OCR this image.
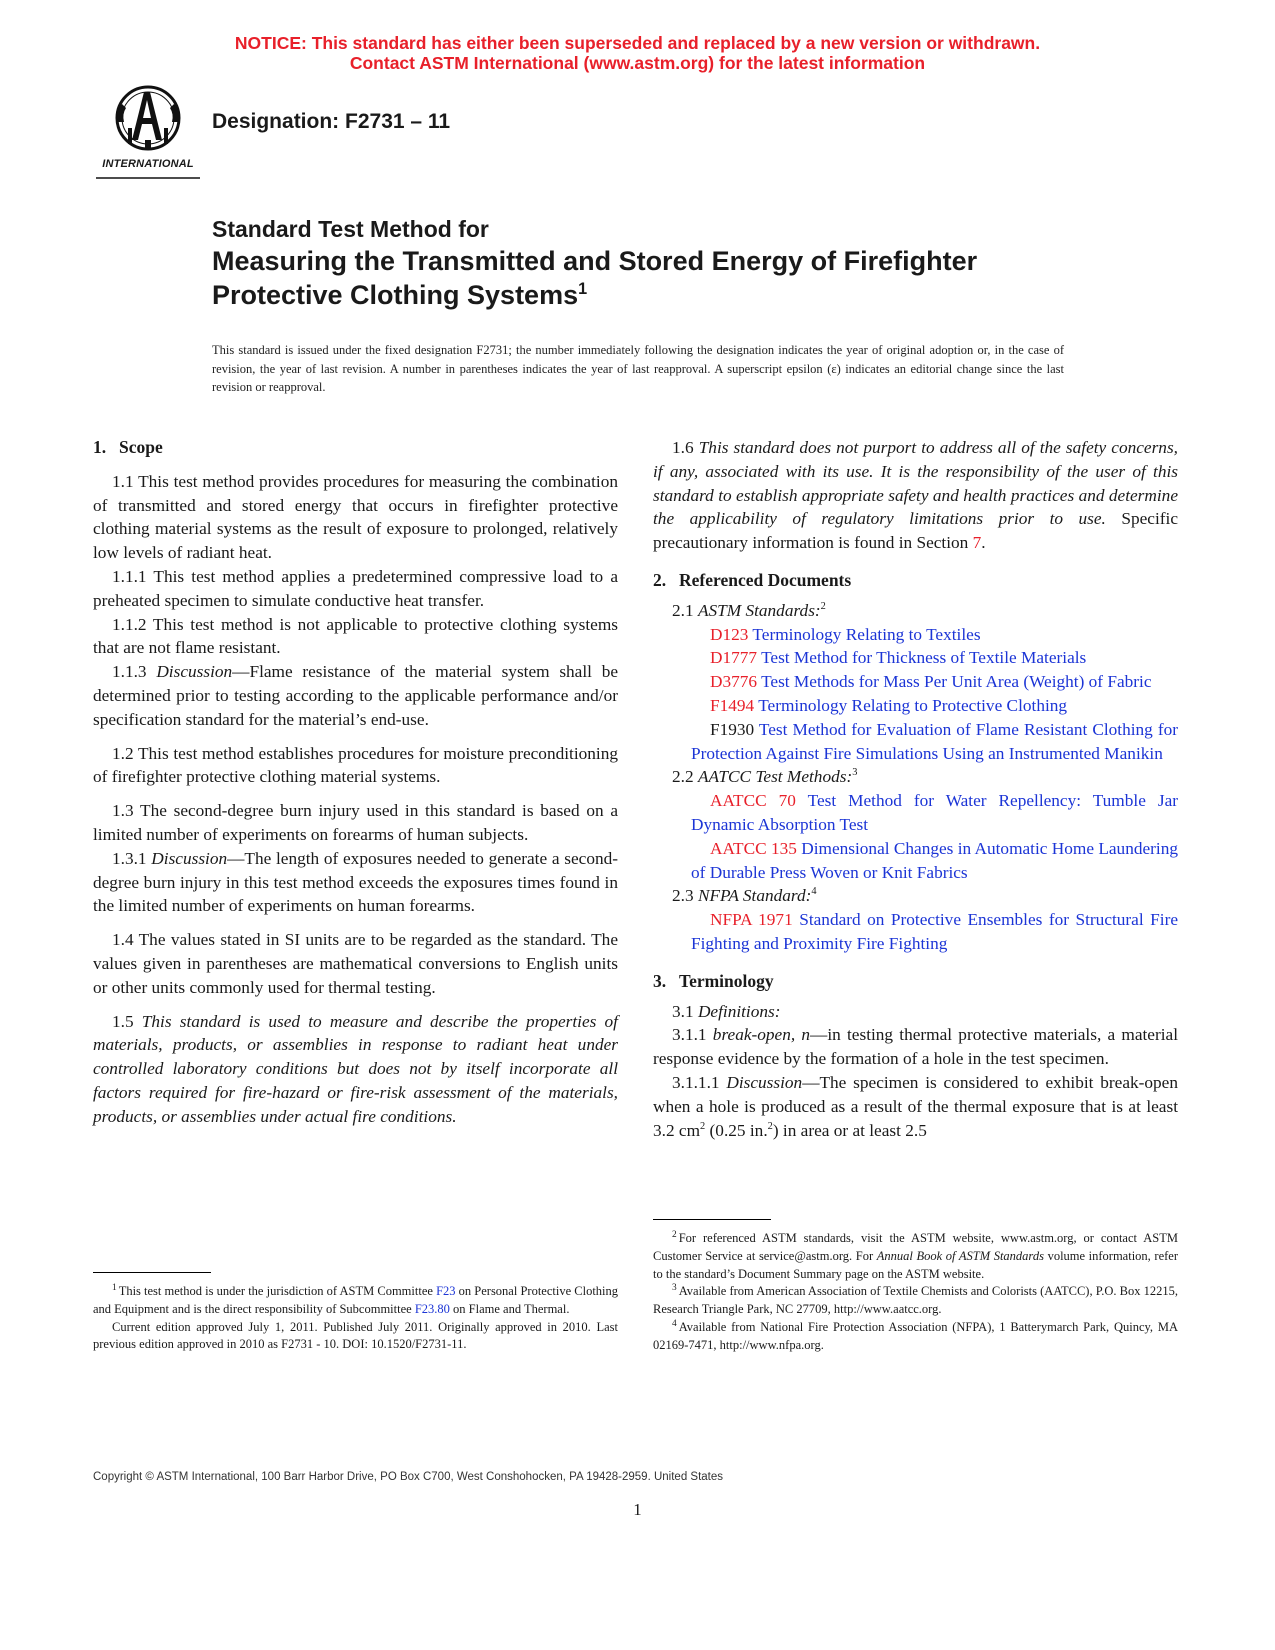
NOTICE: This standard has either been superseded and replaced by a new version or withdrawn.
Contact ASTM International (www.astm.org) for the latest information
INTERNATIONAL
Designation: F2731 – 11
Standard Test Method for
Measuring the Transmitted and Stored Energy of Firefighter
Protective Clothing Systems$^1$
This standard is issued under the fixed designation F2731; the number immediately following the designation indicates the year of original adoption or, in the case of revision, the year of last revision. A number in parentheses indicates the year of last reapproval. A superscript epsilon (ε) indicates an editorial change since the last revision or reapproval.

1. Scope

1.1 This test method provides procedures for measuring the combination of transmitted and stored energy that occurs in firefighter protective clothing material systems as the result of exposure to prolonged, relatively low levels of radiant heat.

1.1.1 This test method applies a predetermined compressive load to a preheated specimen to simulate conductive heat transfer.

1.1.2 This test method is not applicable to protective clothing systems that are not flame resistant.

1.1.3 Discussion—Flame resistance of the material system shall be determined prior to testing according to the applicable performance and/or specification standard for the material’s end-use.

1.2 This test method establishes procedures for moisture preconditioning of firefighter protective clothing material systems.

1.3 The second-degree burn injury used in this standard is based on a limited number of experiments on forearms of human subjects.

1.3.1 Discussion—The length of exposures needed to generate a second-degree burn injury in this test method exceeds the exposures times found in the limited number of experiments on human forearms.

1.4 The values stated in SI units are to be regarded as the standard. The values given in parentheses are mathematical conversions to English units or other units commonly used for thermal testing.

1.5 This standard is used to measure and describe the properties of materials, products, or assemblies in response to radiant heat under controlled laboratory conditions but does not by itself incorporate all factors required for fire-hazard or fire-risk assessment of the materials, products, or assemblies under actual fire conditions.

$^1$ This test method is under the jurisdiction of ASTM Committee F23 on Personal Protective Clothing and Equipment and is the direct responsibility of Subcommittee F23.80 on Flame and Thermal.

Current edition approved July 1, 2011. Published July 2011. Originally approved in 2010. Last previous edition approved in 2010 as F2731 - 10. DOI: 10.1520/F2731-11.

1.6 This standard does not purport to address all of the safety concerns, if any, associated with its use. It is the responsibility of the user of this standard to establish appropriate safety and health practices and determine the applicability of regulatory limitations prior to use. Specific precautionary information is found in Section 7.

2. Referenced Documents

2.1 ASTM Standards:$^2$

D123 Terminology Relating to Textiles

D1777 Test Method for Thickness of Textile Materials

D3776 Test Methods for Mass Per Unit Area (Weight) of Fabric

F1494 Terminology Relating to Protective Clothing

F1930 Test Method for Evaluation of Flame Resistant Clothing for Protection Against Fire Simulations Using an Instrumented Manikin

2.2 AATCC Test Methods:$^3$

AATCC 70 Test Method for Water Repellency: Tumble Jar Dynamic Absorption Test

AATCC 135 Dimensional Changes in Automatic Home Laundering of Durable Press Woven or Knit Fabrics

2.3 NFPA Standard:$^4$

NFPA 1971 Standard on Protective Ensembles for Structural Fire Fighting and Proximity Fire Fighting

3. Terminology

3.1 Definitions:

3.1.1 break-open, n—in testing thermal protective materials, a material response evidence by the formation of a hole in the test specimen.

3.1.1.1 Discussion—The specimen is considered to exhibit break-open when a hole is produced as a result of the thermal exposure that is at least 3.2 $cm^2$ (0.25 in.$^2$) in area or at least 2.5

$^2$ For referenced ASTM standards, visit the ASTM website, www.astm.org, or contact ASTM Customer Service at service@astm.org. For Annual Book of ASTM Standards volume information, refer to the standard’s Document Summary page on the ASTM website.

$^3$ Available from American Association of Textile Chemists and Colorists (AATCC), P.O. Box 12215, Research Triangle Park, NC 27709, http://www.aatcc.org.

$^4$ Available from National Fire Protection Association (NFPA), 1 Batterymarch Park, Quincy, MA 02169-7471, http://www.nfpa.org.

Copyright © ASTM International, 100 Barr Harbor Drive, PO Box C700, West Conshohocken, PA 19428-2959. United States
1
